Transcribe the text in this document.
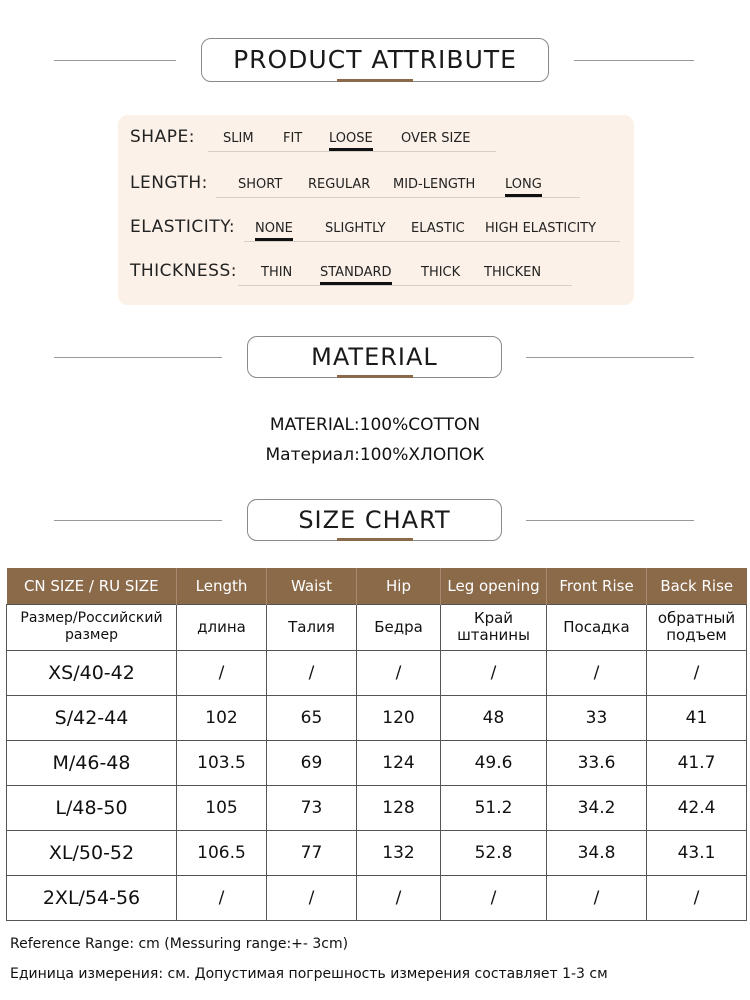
PRODUCT ATTRIBUTE
SHAPE: SLIM FIT LOOSE OVER SIZE
LENGTH: SHORT REGULAR MID-LENGTH LONG
ELASTICITY: NONE SLIGHTLY ELASTIC HIGH ELASTICITY
THICKNESS: THIN STANDARD THICK THICKEN
MATERIAL
MATERIAL:100%COTTON
Материал:100%ХЛОПОК
SIZE CHART
CN SIZE / RU SIZE	Length	Waist	Hip	Leg opening	Front Rise	Back Rise
Размер/Российский размер	длина	Талия	Бедра	Край штанины	Посадка	обратный подъем
XS/40-42	/	/	/	/	/	/
S/42-44	102	65	120	48	33	41
M/46-48	103.5	69	124	49.6	33.6	41.7
L/48-50	105	73	128	51.2	34.2	42.4
XL/50-52	106.5	77	132	52.8	34.8	43.1
2XL/54-56	/	/	/	/	/	/
Reference Range: cm (Messuring range:+- 3cm)
Единица измерения: см. Допустимая погрешность измерения составляет 1-3 см
